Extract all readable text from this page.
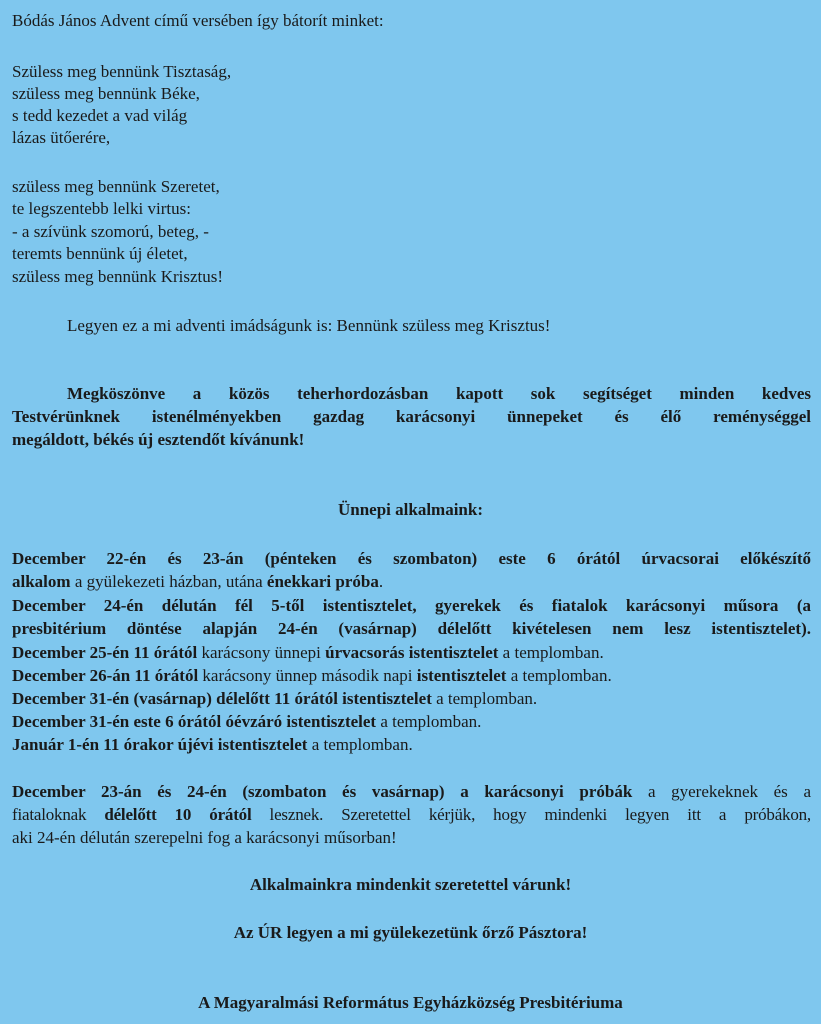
Bódás János Advent című versében így bátorít minket:
Szüless meg bennünk Tisztaság,
szüless meg bennünk Béke,
s tedd kezedet a vad világ
lázas ütőerére,
szüless meg bennünk Szeretet,
te legszentebb lelki virtus:
- a szívünk szomorú, beteg, -
teremts bennünk új életet,
szüless meg bennünk Krisztus!
Legyen ez a mi adventi imádságunk is: Bennünk szüless meg Krisztus!
Megköszönve a közös teherhordozásban kapott sok segítséget minden kedves
Testvérünknek istenélményekben gazdag karácsonyi ünnepeket és élő reménységgel
megáldott, békés új esztendőt kívánunk!
Ünnepi alkalmaink:
December 22-én és 23-án (pénteken és szombaton) este 6 órától úrvacsorai előkészítő
alkalom a gyülekezeti házban, utána énekkari próba.
December 24-én délután fél 5-től istentisztelet, gyerekek és fiatalok karácsonyi műsora (a
presbitérium döntése alapján 24-én (vasárnap) délelőtt kivételesen nem lesz istentisztelet).
December 25-én 11 órától karácsony ünnepi úrvacsorás istentisztelet a templomban.
December 26-án 11 órától karácsony ünnep második napi istentisztelet a templomban.
December 31-én (vasárnap) délelőtt 11 órától istentisztelet a templomban.
December 31-én este 6 órától óévzáró istentisztelet a templomban.
Január 1-én 11 órakor újévi istentisztelet a templomban.
December 23-án és 24-én (szombaton és vasárnap) a karácsonyi próbák a gyerekeknek és a
fiataloknak délelőtt 10 órától lesznek. Szeretettel kérjük, hogy mindenki legyen itt a próbákon,
aki 24-én délután szerepelni fog a karácsonyi műsorban!
Alkalmainkra mindenkit szeretettel várunk!
Az ÚR legyen a mi gyülekezetünk őrző Pásztora!
A Magyaralmási Református Egyházközség Presbitériuma
